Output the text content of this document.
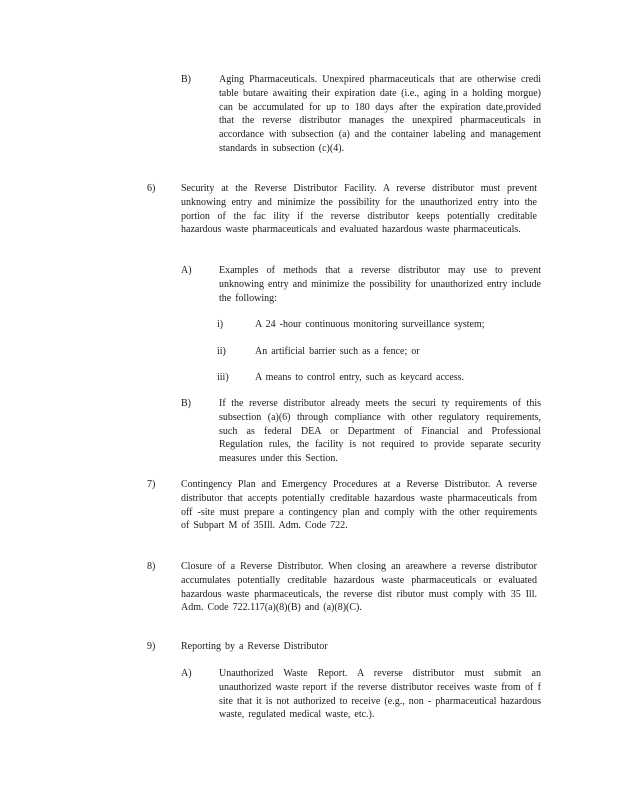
B)	Aging Pharmaceuticals. Unexpired pharmaceuticals that are otherwise credi table butare awaiting their expiration date (i.e., aging in a holding morgue) can be accumulated for up to 180 days after the expiration date,provided that the reverse distributor manages the unexpired pharmaceuticals in accordance with subsection (a) and the container labeling and management standards in subsection (c)(4).
6)	Security at the Reverse Distributor Facility. A reverse distributor must prevent unknowing entry and minimize the possibility for the unauthorized entry into the portion of the fac ility if the reverse distributor keeps potentially creditable hazardous waste pharmaceuticals and evaluated hazardous waste pharmaceuticals.
A)	Examples of methods that a reverse distributor may use to prevent unknowing entry and minimize the possibility for unauthorized entry include the following:
i)	A 24 -hour continuous monitoring surveillance system;
ii)	An artificial barrier such as a fence; or
iii)	A means to control entry, such as keycard access.
B)	If the reverse distributor already meets the securi ty requirements of this subsection (a)(6) through compliance with other regulatory requirements, such as federal DEA or Department of Financial and Professional Regulation rules, the facility is not required to provide separate security measures under this Section.
7)	Contingency Plan and Emergency Procedures at a Reverse Distributor. A reverse distributor that accepts potentially creditable hazardous waste pharmaceuticals from off -site must prepare a contingency plan and comply with the other requirements of Subpart M of 35Ill. Adm. Code 722.
8)	Closure of a Reverse Distributor. When closing an areawhere a reverse distributor accumulates potentially creditable hazardous waste pharmaceuticals or evaluated hazardous waste pharmaceuticals, the reverse dist ributor must comply with 35 Ill. Adm. Code 722.117(a)(8)(B) and (a)(8)(C).
9)	Reporting by a Reverse Distributor
A)	Unauthorized Waste Report. A reverse distributor must submit an unauthorized waste report if the reverse distributor receives waste from of f site that it is not authorized to receive (e.g., non - pharmaceutical hazardous waste, regulated medical waste, etc.).
